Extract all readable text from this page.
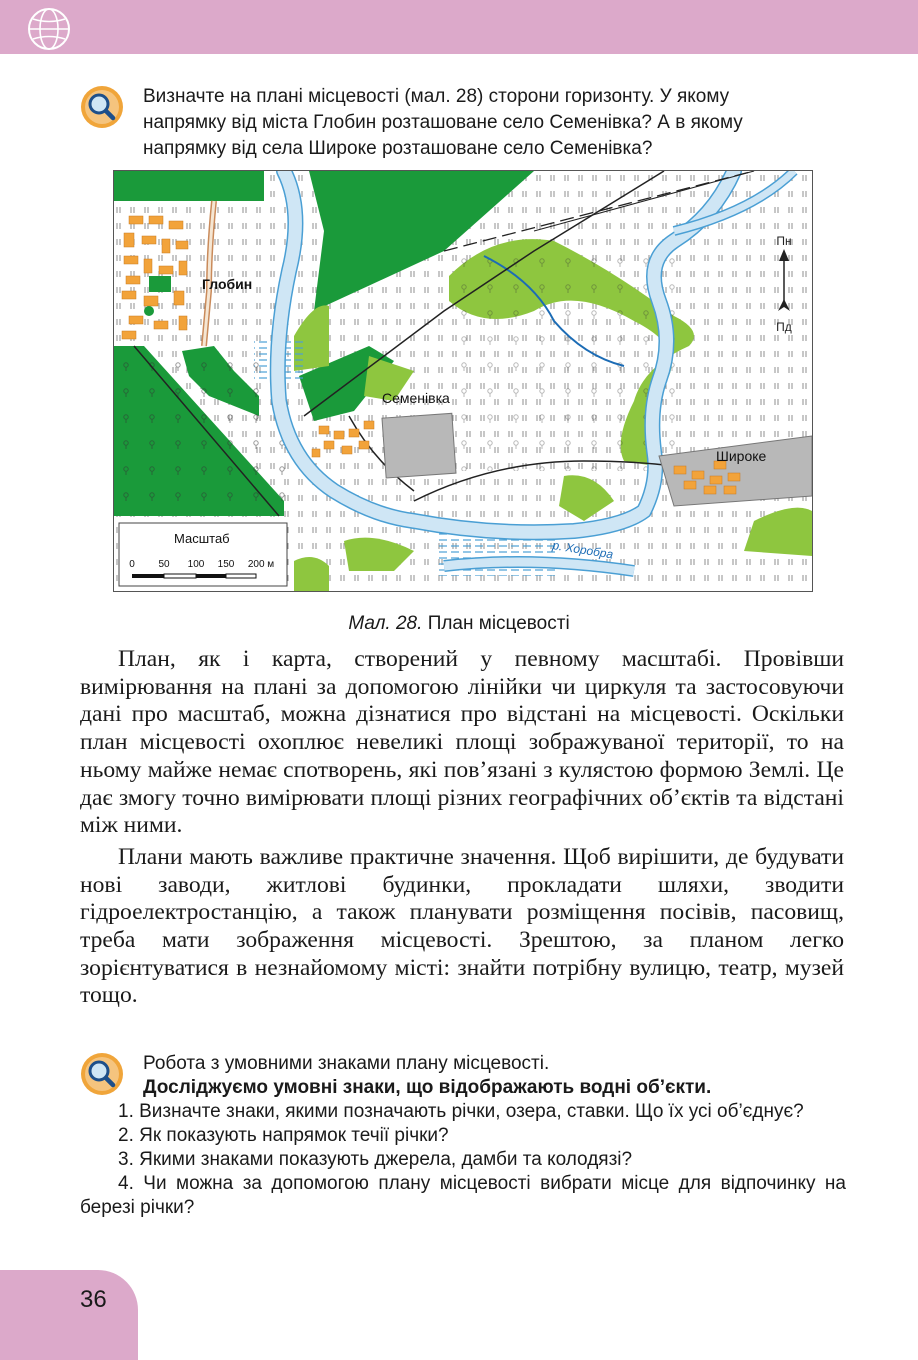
Визначте на плані місцевості (мал. 28) сторони горизонту. У якому
напрямку від міста Глобин розташоване село Семенівка? А в якому
напрямку від села Широке розташоване село Семенівка?
Пн
Пд
Глобин
Семенівка
Широке
р. Хоробра
Масштаб
0 50 100 150 200 м
Мал. 28. План місцевості

План, як і карта, створений у певному масштабі. Провівши вимірювання на плані за допомогою лінійки чи циркуля та застосовуючи дані про масштаб, можна дізнатися про відстані на місцевості. Оскільки план місцевості охоплює невеликі площі зображуваної території, то на ньому майже немає спотворень, які пов’язані з кулястою формою Землі. Це дає змогу точно вимірювати площі різних географічних об’єктів та відстані між ними.

Плани мають важливе практичне значення. Щоб вирішити, де будувати нові заводи, житлові будинки, прокладати шляхи, зводити гідроелектростанцію, а також планувати розміщення посівів, пасовищ, треба мати зображення місцевості. Зрештою, за планом легко зорієнтуватися в незнайомому місті: знайти потрібну вулицю, театр, музей тощо.

Робота з умовними знаками плану місцевості.
Досліджуємо умовні знаки, що відображають водні об’єкти.
1. Визначте знаки, якими позначають річки, озера, ставки. Що їх усі об’єднує?
2. Як показують напрямок течії річки?
3. Якими знаками показують джерела, дамби та колодязі?
4. Чи можна за допомогою плану місцевості вибрати місце для відпочинку на березі річки?
36
